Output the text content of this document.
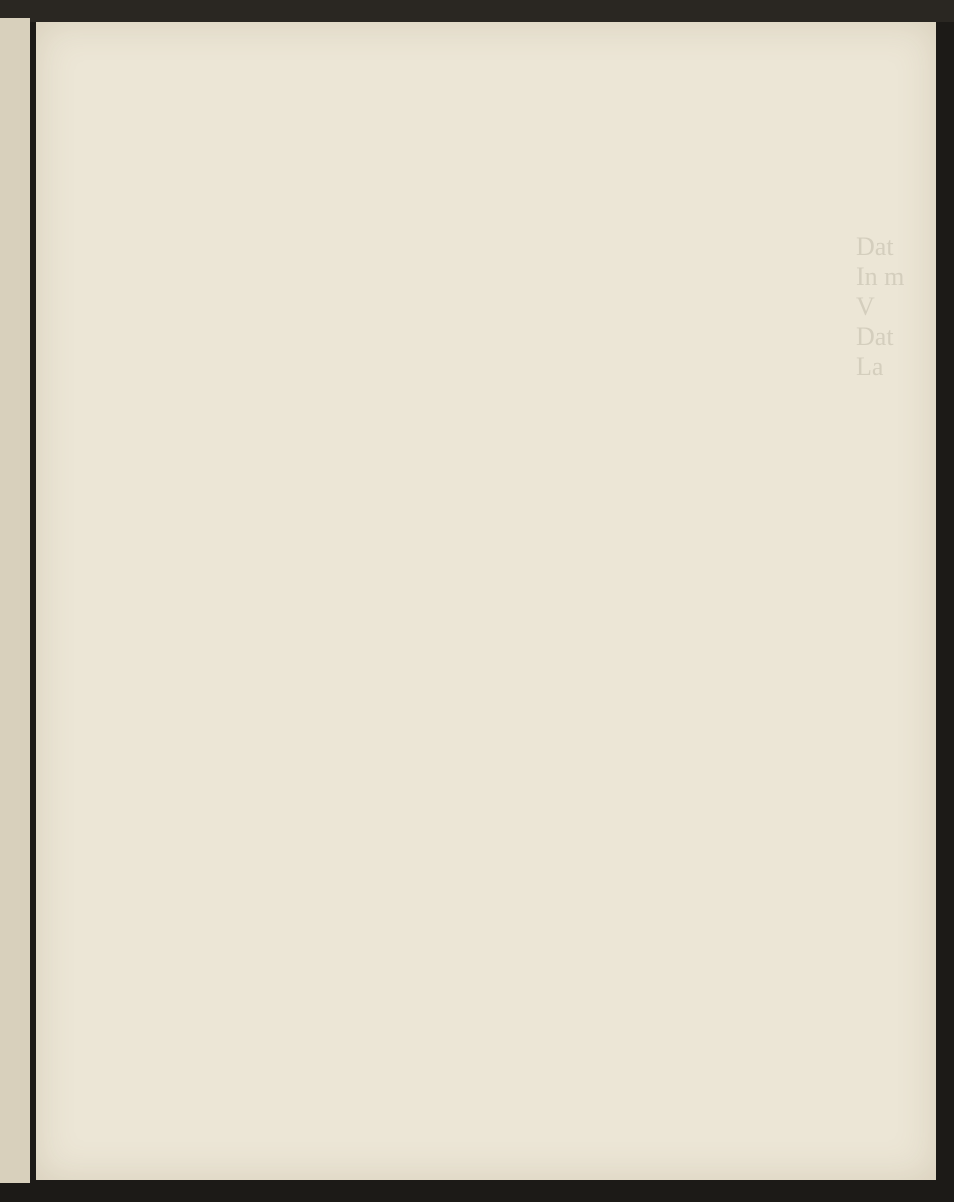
Dat
In m
V
Dat
La
